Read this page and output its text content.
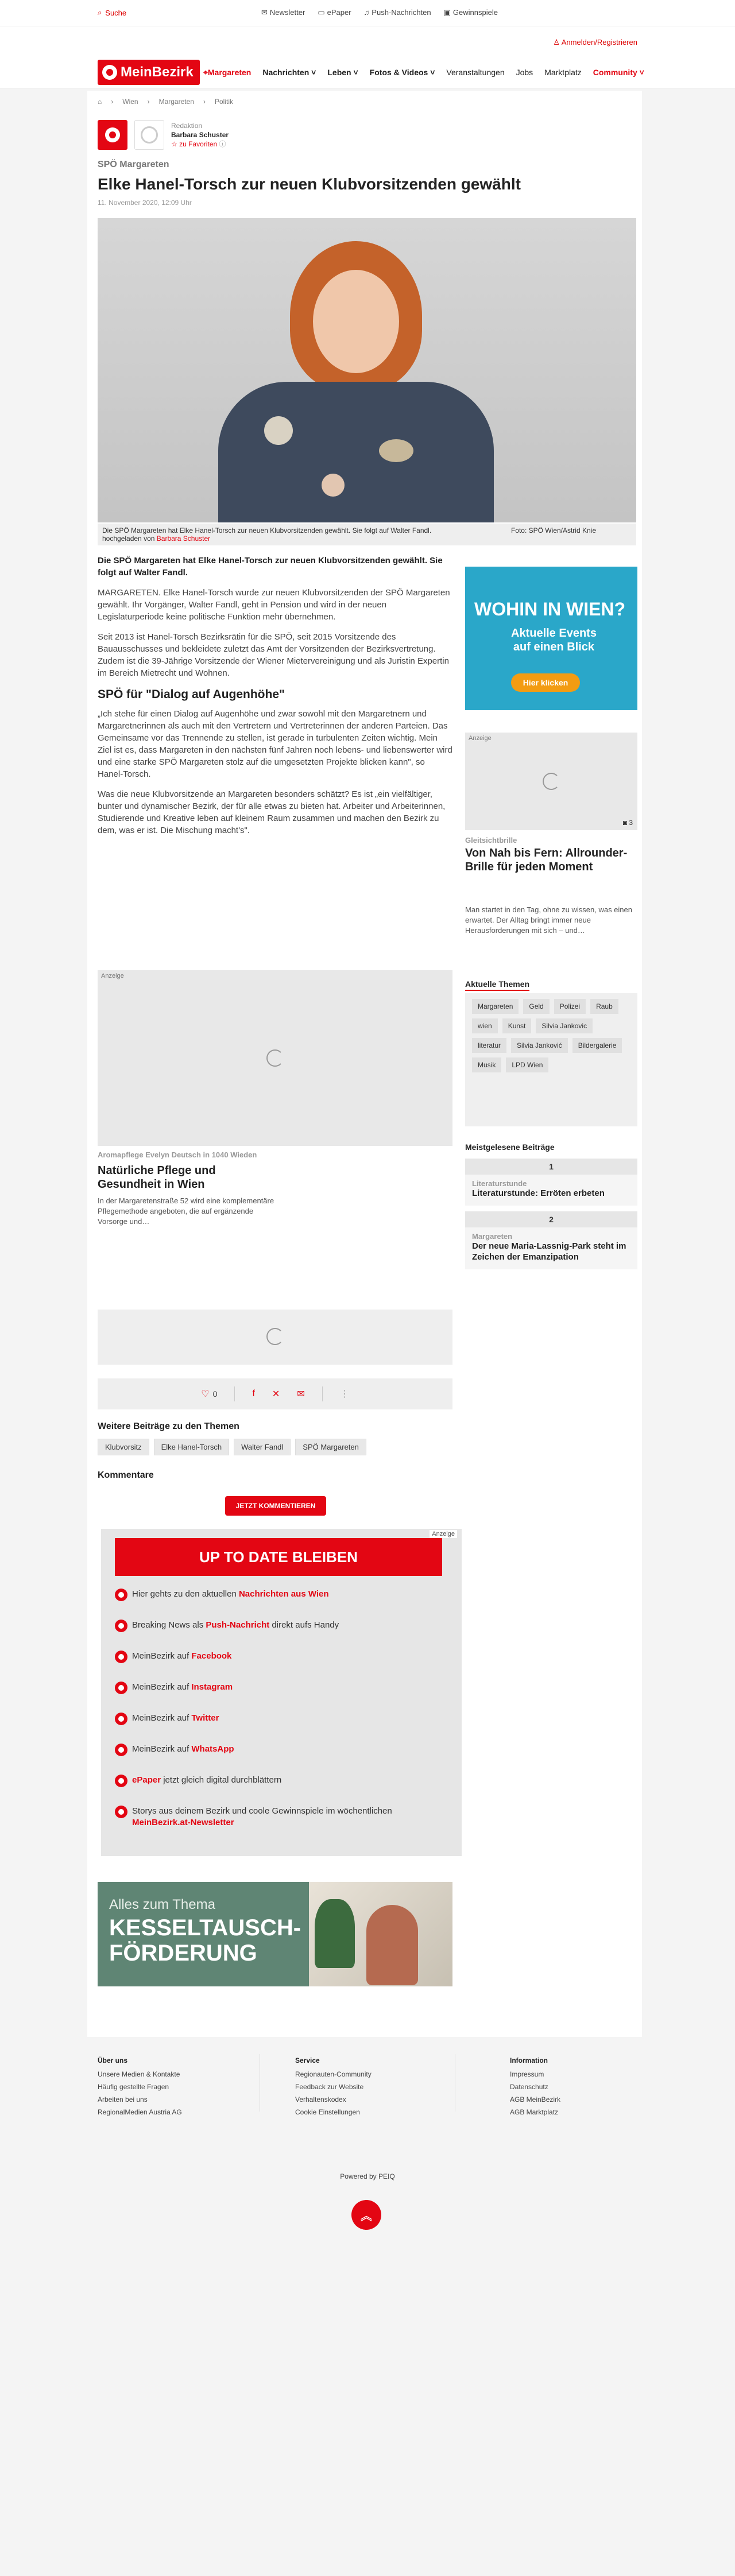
⌕ Suche	✉ Newsletter ▭ ePaper ♫ Push-Nachrichten ▣ Gewinnspiele
♙ Anmelden/Registrieren
MeinBezirk ⌖Margareten Nachrichten ˅ Leben ˅ Fotos & Videos ˅ Veranstaltungen Jobs Marktplatz Community ˅
⌂ › Wien › Margareten › Politik
Redaktion
Barbara Schuster
☆ zu Favoriten ⓘ
SPÖ Margareten
Elke Hanel-Torsch zur neuen Klubvorsitzenden gewählt
11. November 2020, 12:09 Uhr
Die SPÖ Margareten hat Elke Hanel-Torsch zur neuen Klubvorsitzenden gewählt. Sie folgt auf Walter Fandl.	Foto: SPÖ Wien/Astrid Knie

hochgeladen von Barbara Schuster

Die SPÖ Margareten hat Elke Hanel-Torsch zur neuen Klubvorsitzenden gewählt. Sie folgt auf Walter Fandl.

MARGARETEN. Elke Hanel-Torsch wurde zur neuen Klubvorsitzenden der SPÖ Margareten gewählt. Ihr Vorgänger, Walter Fandl, geht in Pension und wird in der neuen Legislaturperiode keine politische Funktion mehr übernehmen.

Seit 2013 ist Hanel-Torsch Bezirksrätin für die SPÖ, seit 2015 Vorsitzende des Bauausschusses und bekleidete zuletzt das Amt der Vorsitzenden der Bezirksvertretung. Zudem ist die 39-Jährige Vorsitzende der Wiener Mietervereinigung und als Juristin Expertin im Bereich Mietrecht und Wohnen.

SPÖ für "Dialog auf Augenhöhe"

„Ich stehe für einen Dialog auf Augenhöhe und zwar sowohl mit den Margaretnern und Margaretnerinnen als auch mit den Vertretern und Vertreterinnen der anderen Parteien. Das Gemeinsame vor das Trennende zu stellen, ist gerade in turbulenten Zeiten wichtig. Mein Ziel ist es, dass Margareten in den nächsten fünf Jahren noch lebens- und liebenswerter wird und eine starke SPÖ Margareten stolz auf die umgesetzten Projekte blicken kann", so Hanel-Torsch.

Was die neue Klubvorsitzende an Margareten besonders schätzt? Es ist „ein vielfältiger, bunter und dynamischer Bezirk, der für alle etwas zu bieten hat. Arbeiter und Arbeiterinnen, Studierende und Kreative leben auf kleinem Raum zusammen und machen den Bezirk zu dem, was er ist. Die Mischung macht's".

Anzeige
Aromapflege Evelyn Deutsch in 1040 Wieden
Natürliche Pflege und Gesundheit in Wien
In der Margaretenstraße 52 wird eine komplementäre Pflegemethode angeboten, die auf ergänzende Vorsorge und…
♡ 0	f ✕ ✉	⋮
Weitere Beiträge zu den Themen
Klubvorsitz	Elke Hanel-Torsch	Walter Fandl	SPÖ Margareten
Kommentare
JETZT KOMMENTIEREN
Anzeige
UP TO DATE BLEIBEN
Hier gehts zu den aktuellen Nachrichten aus Wien
Breaking News als Push-Nachricht direkt aufs Handy
MeinBezirk auf Facebook
MeinBezirk auf Instagram
MeinBezirk auf Twitter
MeinBezirk auf WhatsApp
ePaper jetzt gleich digital durchblättern
Storys aus deinem Bezirk und coole Gewinnspiele im wöchentlichen MeinBezirk.at-Newsletter
Alles zum Thema
KESSELTAUSCH-
FÖRDERUNG
WOHIN IN WIEN?
Aktuelle Events
auf einen Blick
Hier klicken
Anzeige
◙ 3
Gleitsichtbrille
Von Nah bis Fern: Allrounder-Brille für jeden Moment
Man startet in den Tag, ohne zu wissen, was einen erwartet. Der Alltag bringt immer neue Herausforderungen mit sich – und…
Aktuelle Themen
Margareten	Geld	Polizei	Raub
wien	Kunst	Silvia Jankovic
literatur	Silvia Janković	Bildergalerie
Musik	LPD Wien
Meistgelesene Beiträge
1
Literaturstunde
Literaturstunde: Erröten erbeten
2
Margareten
Der neue Maria-Lassnig-Park steht im Zeichen der Emanzipation
Über uns
Unsere Medien & Kontakte
Häufig gestellte Fragen
Arbeiten bei uns
RegionalMedien Austria AG
Service
Regionauten-Community
Feedback zur Website
Verhaltenskodex
Cookie Einstellungen
Information
Impressum
Datenschutz
AGB MeinBezirk
AGB Marktplatz
Powered by PEIQ
︽
